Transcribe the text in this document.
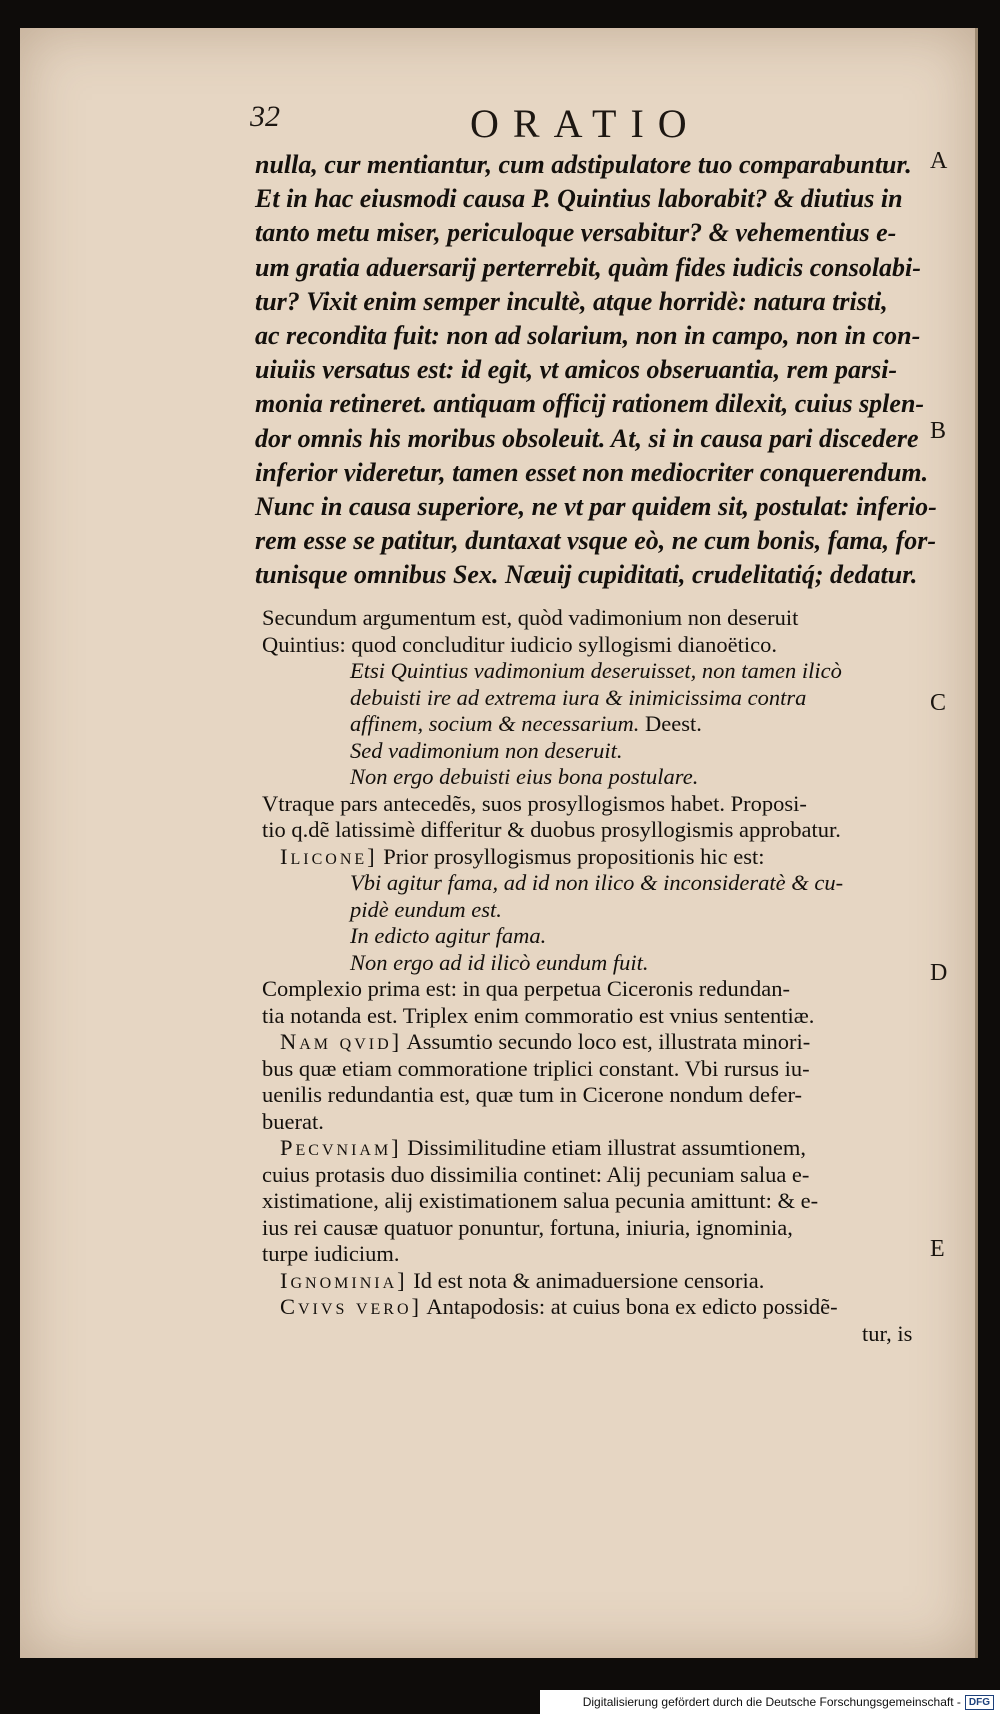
32	ORATIO
nulla, cur mentiantur, cum adstipulatore tuo comparabuntur.
Et in hac eiusmodi causa P. Quintius laborabit? & diutius in
tanto metu miser, periculoque versabitur? & vehementius e-
um gratia aduersarij perterrebit, quàm fides iudicis consolabi-
tur? Vixit enim semper incultè, atque horridè: natura tristi,
ac recondita fuit: non ad solarium, non in campo, non in con-
uiuiis versatus est: id egit, vt amicos obseruantia, rem parsi-
monia retineret. antiquam officij rationem dilexit, cuius splen-
dor omnis his moribus obsoleuit. At, si in causa pari discedere
inferior videretur, tamen esset non mediocriter conquerendum.
Nunc in causa superiore, ne vt par quidem sit, postulat: inferio-
rem esse se patitur, duntaxat vsque eò, ne cum bonis, fama, for-
tunisque omnibus Sex. Næuij cupiditati, crudelitatiq́; dedatur.
Secundum argumentum est, quòd vadimonium non deseruit
Quintius: quod concluditur iudicio syllogismi dianoëtico.
Etsi Quintius vadimonium deseruisset, non tamen ilicò
debuisti ire ad extrema iura & inimicissima contra
affinem, socium & necessarium. Deest.
Sed vadimonium non deseruit.
Non ergo debuisti eius bona postulare.
Vtraque pars antecedẽs, suos prosyllogismos habet. Proposi-
tio q.dẽ latissimè differitur & duobus prosyllogismis approbatur.
Ilicone] Prior prosyllogismus propositionis hic est:
Vbi agitur fama, ad id non ilico & inconsideratè & cu-
pidè eundum est.
In edicto agitur fama.
Non ergo ad id ilicò eundum fuit.
Complexio prima est: in qua perpetua Ciceronis redundan-
tia notanda est. Triplex enim commoratio est vnius sententiæ.
Nam qvid] Assumtio secundo loco est, illustrata minori-
bus quæ etiam commoratione triplici constant. Vbi rursus iu-
uenilis redundantia est, quæ tum in Cicerone nondum defer-
buerat.
Pecvniam] Dissimilitudine etiam illustrat assumtionem,
cuius protasis duo dissimilia continet: Alij pecuniam salua e-
xistimatione, alij existimationem salua pecunia amittunt: & e-
ius rei causæ quatuor ponuntur, fortuna, iniuria, ignominia,
turpe iudicium.
Ignominia] Id est nota & animaduersione censoria.
Cvivs vero] Antapodosis: at cuius bona ex edicto possidẽ-
tur, is
A
B
C
D
E
Digitalisierung gefördert durch die Deutsche Forschungsgemeinschaft - DFG
